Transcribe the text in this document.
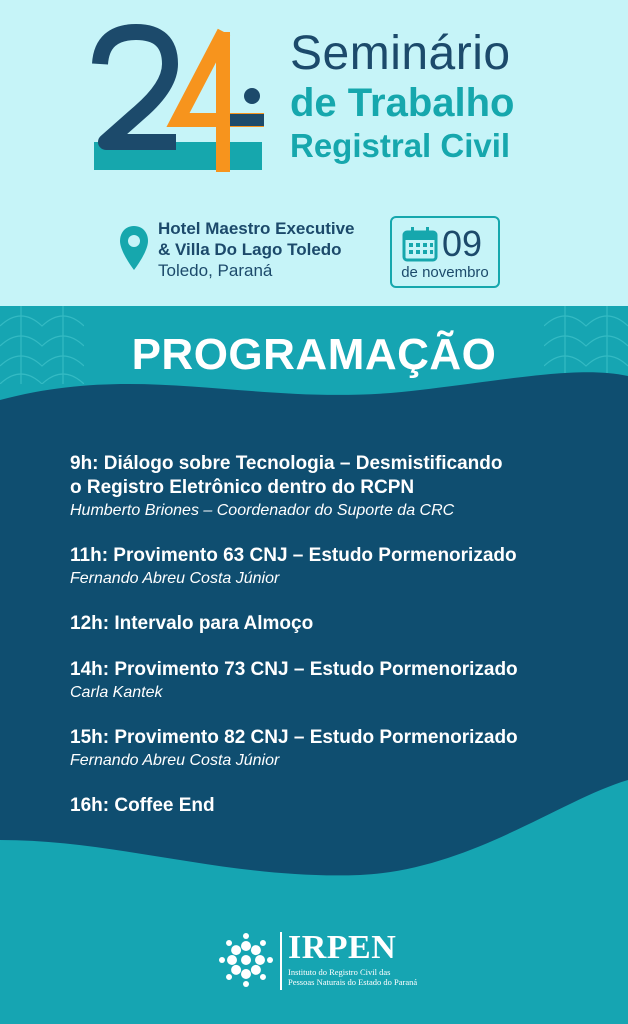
Seminário

de Trabalho

Registral Civil

Hotel Maestro Executive
& Villa Do Lago Toledo
Toledo, Paraná
09
de novembro
PROGRAMAÇÃO
9h: Diálogo sobre Tecnologia – Desmistificando
o Registro Eletrônico dentro do RCPN
Humberto Briones – Coordenador do Suporte da CRC
11h: Provimento 63 CNJ – Estudo Pormenorizado
Fernando Abreu Costa Júnior
12h: Intervalo para Almoço
14h: Provimento 73 CNJ – Estudo Pormenorizado
Carla Kantek
15h: Provimento 82 CNJ – Estudo Pormenorizado
Fernando Abreu Costa Júnior
16h: Coffee End
IRPEN
Instituto do Registro Civil das
Pessoas Naturais do Estado do Paraná
